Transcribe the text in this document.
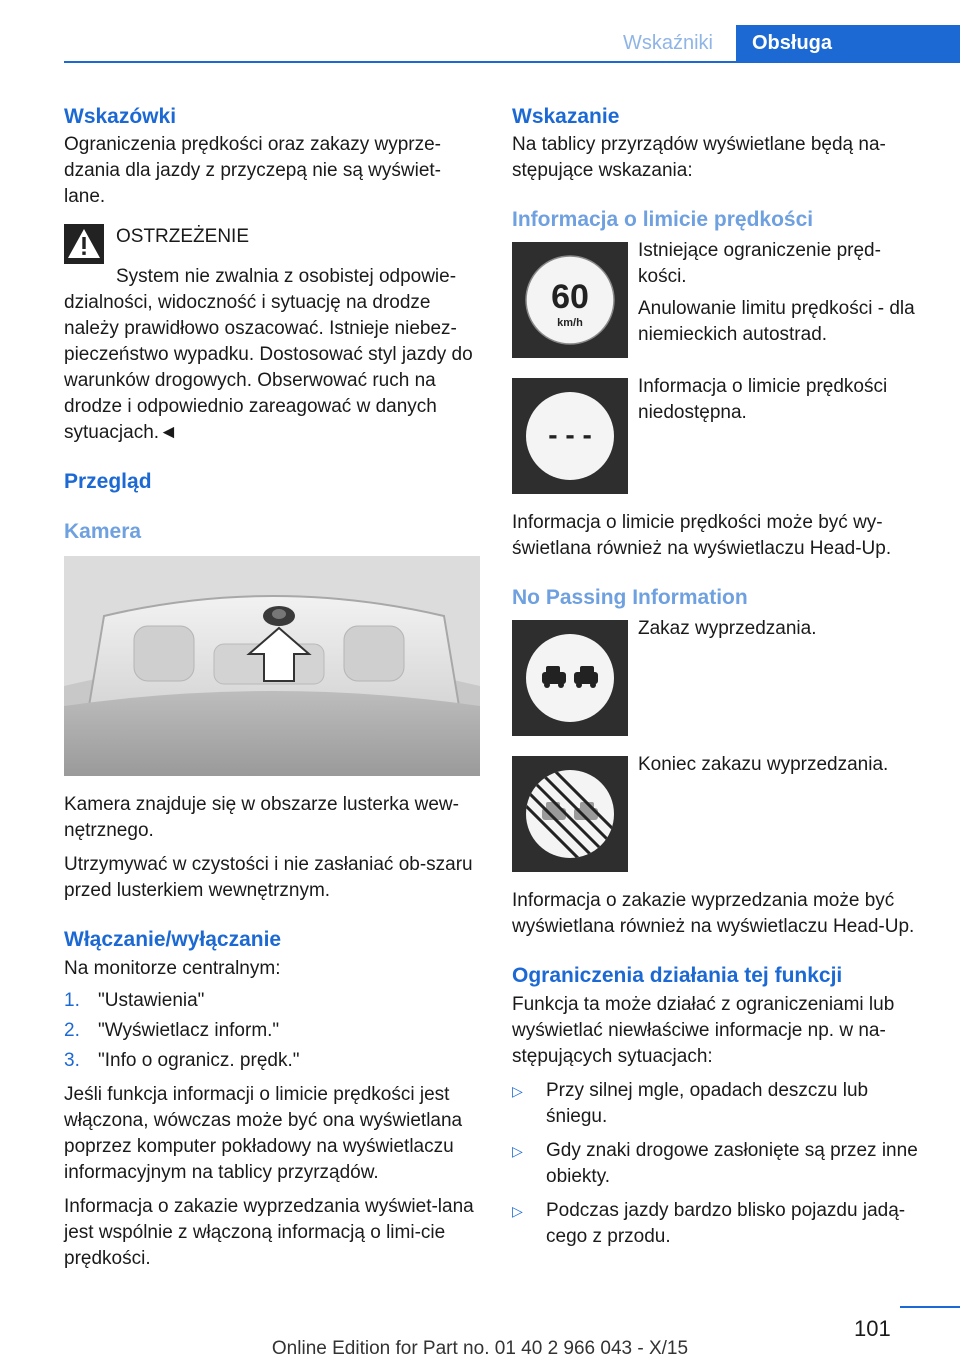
Wskaźniki	Obsługa
Wskazówki

Ograniczenia prędkości oraz zakazy wyprze-dzania dla jazdy z przyczepą nie są wyświet-lane.

OSTRZEŻENIE

System nie zwalnia z osobistej odpowie-dzialności, widoczność i sytuację na drodze należy prawidłowo oszacować. Istnieje niebez-pieczeństwo wypadku. Dostosować styl jazdy do warunków drogowych. Obserwować ruch na drodze i odpowiednio zareagować w danych sytuacjach.◄

Przegląd
Kamera

Kamera znajduje się w obszarze lusterka wew-nętrznego.

Utrzymywać w czystości i nie zasłaniać ob-szaru przed lusterkiem wewnętrznym.

Włączanie/wyłączanie

Na monitorze centralnym:

1. "Ustawienia"
2. "Wyświetlacz inform."
3. "Info o ogranicz. prędk."

Jeśli funkcja informacji o limicie prędkości jest włączona, wówczas może być ona wyświetlana poprzez komputer pokładowy na wyświetlaczu informacyjnym na tablicy przyrządów.

Informacja o zakazie wyprzedzania wyświet-lana jest wspólnie z włączoną informacją o limi-cie prędkości.

Wskazanie

Na tablicy przyrządów wyświetlane będą na-stępujące wskazania:

Informacja o limicie prędkości
60
km/h

Istniejące ograniczenie pręd-kości.

Anulowanie limitu prędkości - dla niemieckich autostrad.

- - -

Informacja o limicie prędkości niedostępna.

Informacja o limicie prędkości może być wy-świetlana również na wyświetlaczu Head-Up.

No Passing Information

Zakaz wyprzedzania.

Koniec zakazu wyprzedzania.

Informacja o zakazie wyprzedzania może być wyświetlana również na wyświetlaczu Head-Up.

Ograniczenia działania tej funkcji

Funkcja ta może działać z ograniczeniami lub wyświetlać niewłaściwe informacje np. w na-stępujących sytuacjach:

▷	Przy silnej mgle, opadach deszczu lub śniegu.
▷	Gdy znaki drogowe zasłonięte są przez inne obiekty.
▷	Podczas jazdy bardzo blisko pojazdu jadą-cego z przodu.
101
Online Edition for Part no. 01 40 2 966 043 - X/15
